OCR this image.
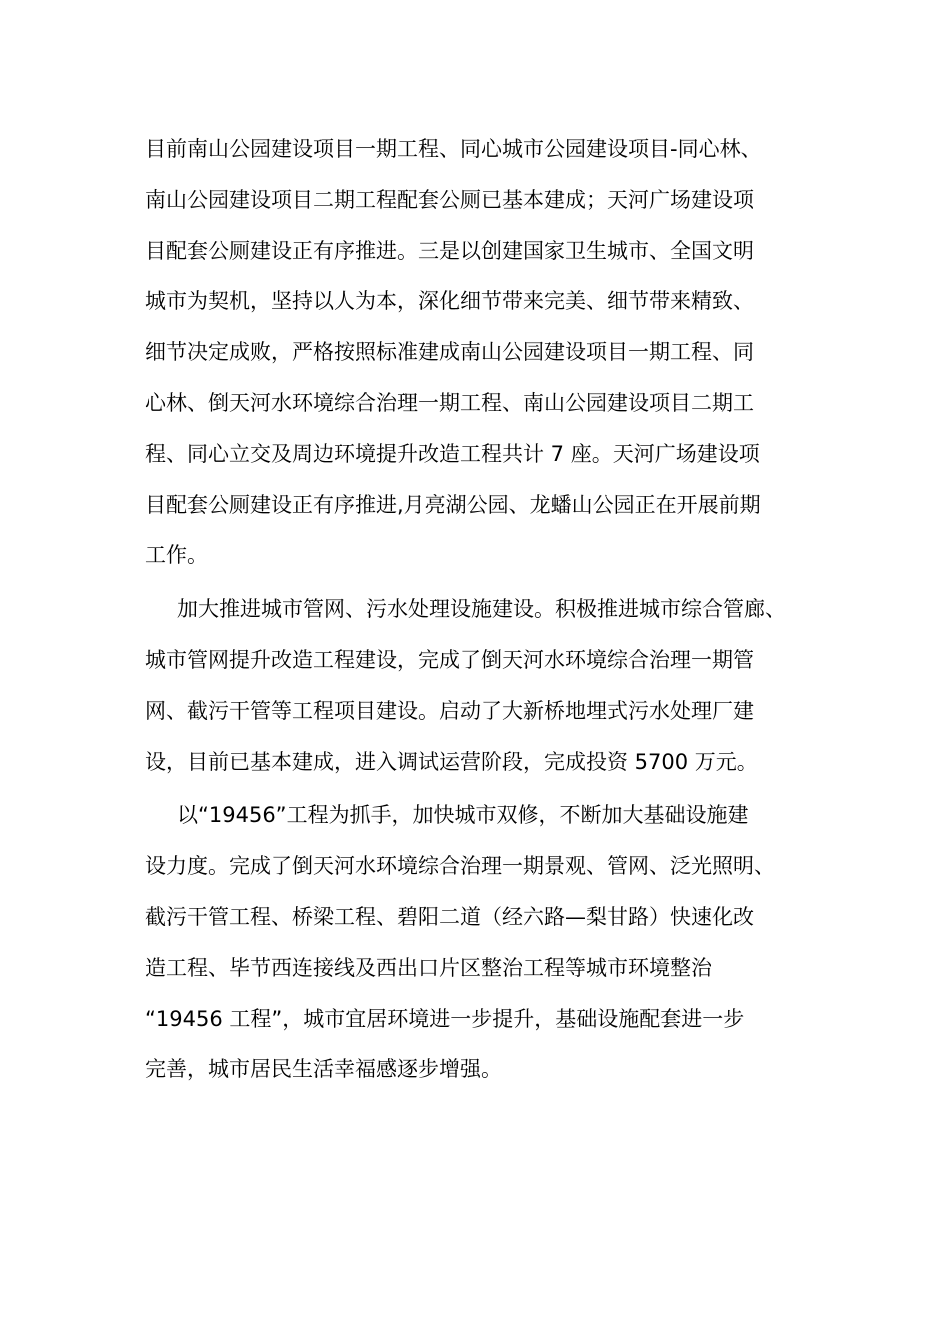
目前南山公园建设项目一期工程、同心城市公园建设项目-同心林、
南山公园建设项目二期工程配套公厕已基本建成；天河广场建设项
目配套公厕建设正有序推进。三是以创建国家卫生城市、全国文明
城市为契机，坚持以人为本，深化细节带来完美、细节带来精致、
细节决定成败，严格按照标准建成南山公园建设项目一期工程、同
心林、倒天河水环境综合治理一期工程、南山公园建设项目二期工
程、同心立交及周边环境提升改造工程共计 7 座。天河广场建设项
目配套公厕建设正有序推进,月亮湖公园、龙蟠山公园正在开展前期
工作。
加大推进城市管网、污水处理设施建设。积极推进城市综合管廊、
城市管网提升改造工程建设，完成了倒天河水环境综合治理一期管
网、截污干管等工程项目建设。启动了大新桥地埋式污水处理厂建
设，目前已基本建成，进入调试运营阶段，完成投资 5700 万元。
以“19456”工程为抓手，加快城市双修，不断加大基础设施建
设力度。完成了倒天河水环境综合治理一期景观、管网、泛光照明、
截污干管工程、桥梁工程、碧阳二道（经六路—梨甘路）快速化改
造工程、毕节西连接线及西出口片区整治工程等城市环境整治
“19456 工程”，城市宜居环境进一步提升，基础设施配套进一步
完善，城市居民生活幸福感逐步增强。
